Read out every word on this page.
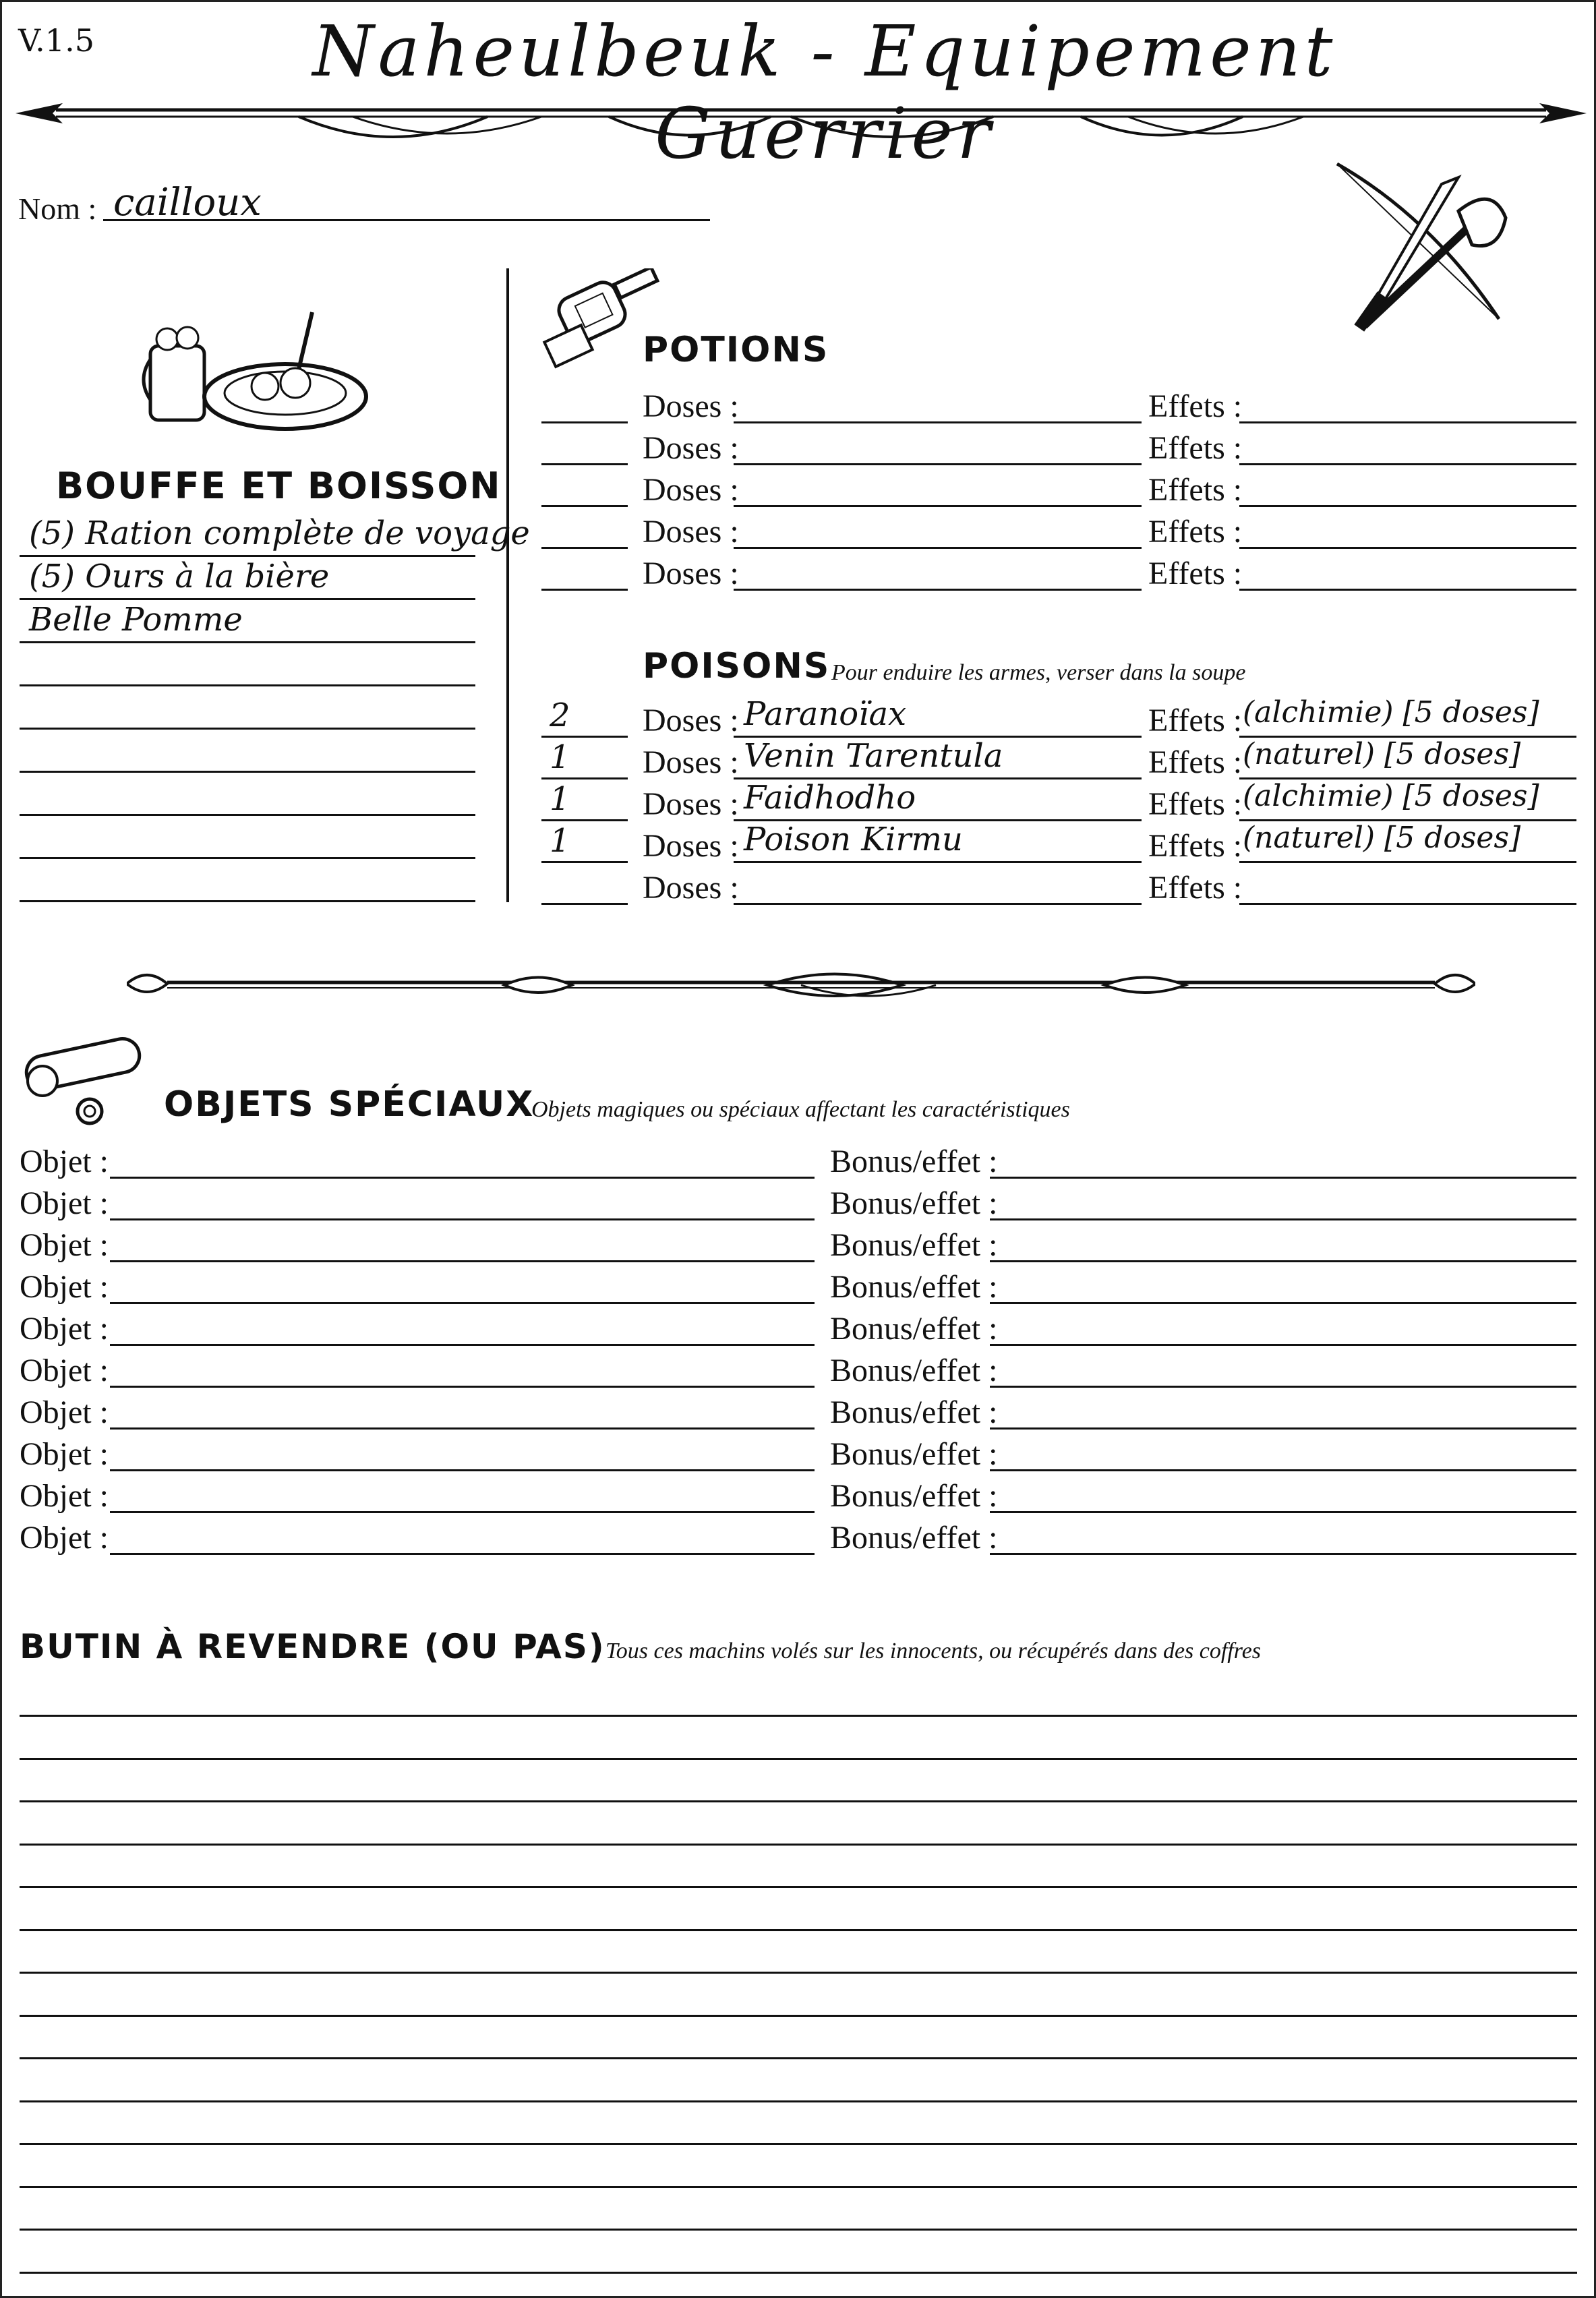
V.1.5	Naheulbeuk - Equipement Guerrier
Nom : cailloux
BOUFFE ET BOISSON
(5) Ration complète de voyage
(5) Ours à la bière
Belle Pomme
POTIONS
Doses :	Effets :
Doses :	Effets :
Doses :	Effets :
Doses :	Effets :
Doses :	Effets :
POISONS Pour enduire les armes, verser dans la soupe
2 Doses : Paranoïax	Effets : (alchimie) [5 doses]
1 Doses : Venin Tarentula	Effets : (naturel) [5 doses]
1 Doses : Faidhodho	Effets : (alchimie) [5 doses]
1 Doses : Poison Kirmu	Effets : (naturel) [5 doses]
Doses :	Effets :
OBJETS SPÉCIAUX
Objets magiques ou spéciaux affectant les caractéristiques
Objet :	Bonus/effet :
Objet :	Bonus/effet :
Objet :	Bonus/effet :
Objet :	Bonus/effet :
Objet :	Bonus/effet :
Objet :	Bonus/effet :
Objet :	Bonus/effet :
Objet :	Bonus/effet :
Objet :	Bonus/effet :
Objet :	Bonus/effet :
BUTIN À REVENDRE (OU PAS) Tous ces machins volés sur les innocents, ou récupérés dans des coffres
